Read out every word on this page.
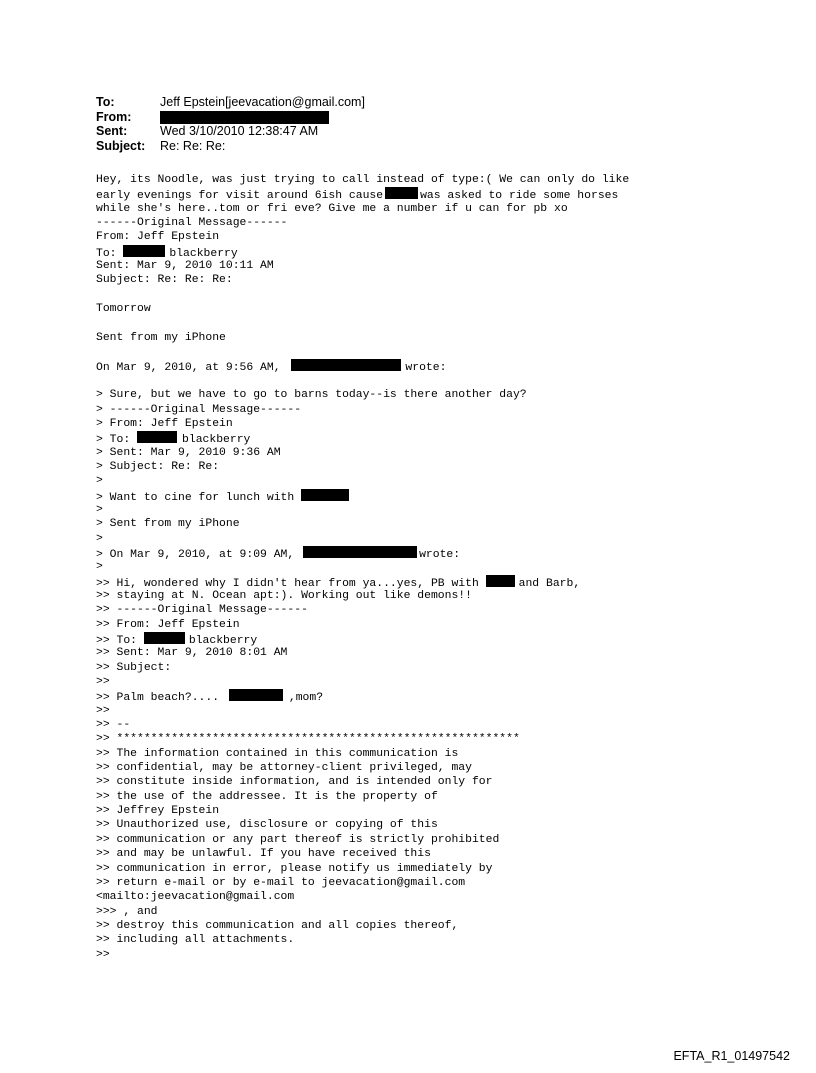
To:	Jeff Epstein[jeevacation@gmail.com]
From:
Sent:	Wed 3/10/2010 12:38:47 AM
Subject: Re: Re: Re:
Hey, its Noodle, was just trying to call instead of type:( We can only do like
early evenings for visit around 6ish cause	was asked to ride some horses
while she's here..tom or fri eve? Give me a number if u can for pb xo
------Original Message------
From: Jeff Epstein
To:	blackberry
Sent: Mar 9, 2010 10:11 AM
Subject: Re: Re: Re:
Tomorrow
Sent from my iPhone
On Mar 9, 2010, at 9:56 AM,	wrote:
> Sure, but we have to go to barns today--is there another day?
> ------Original Message------
> From: Jeff Epstein
> To:	blackberry
> Sent: Mar 9, 2010 9:36 AM
> Subject: Re: Re:
>
> Want to cine for lunch with
>
> Sent from my iPhone
>
> On Mar 9, 2010, at 9:09 AM,	wrote:
>
>> Hi, wondered why I didn't hear from ya...yes, PB with	and Barb,
>> staying at N. Ocean apt:). Working out like demons!!
>> ------Original Message------
>> From: Jeff Epstein
>> To:	blackberry
>> Sent: Mar 9, 2010 8:01 AM
>> Subject:
>>
>> Palm beach?....	,mom?
>>
>> --
>> ***********************************************************
>> The information contained in this communication is
>> confidential, may be attorney-client privileged, may
>> constitute inside information, and is intended only for
>> the use of the addressee. It is the property of
>> Jeffrey Epstein
>> Unauthorized use, disclosure or copying of this
>> communication or any part thereof is strictly prohibited
>> and may be unlawful. If you have received this
>> communication in error, please notify us immediately by
>> return e-mail or by e-mail to jeevacation@gmail.com
<mailto:jeevacation@gmail.com
>>> , and
>> destroy this communication and all copies thereof,
>> including all attachments.
>>
EFTA_R1_01497542
